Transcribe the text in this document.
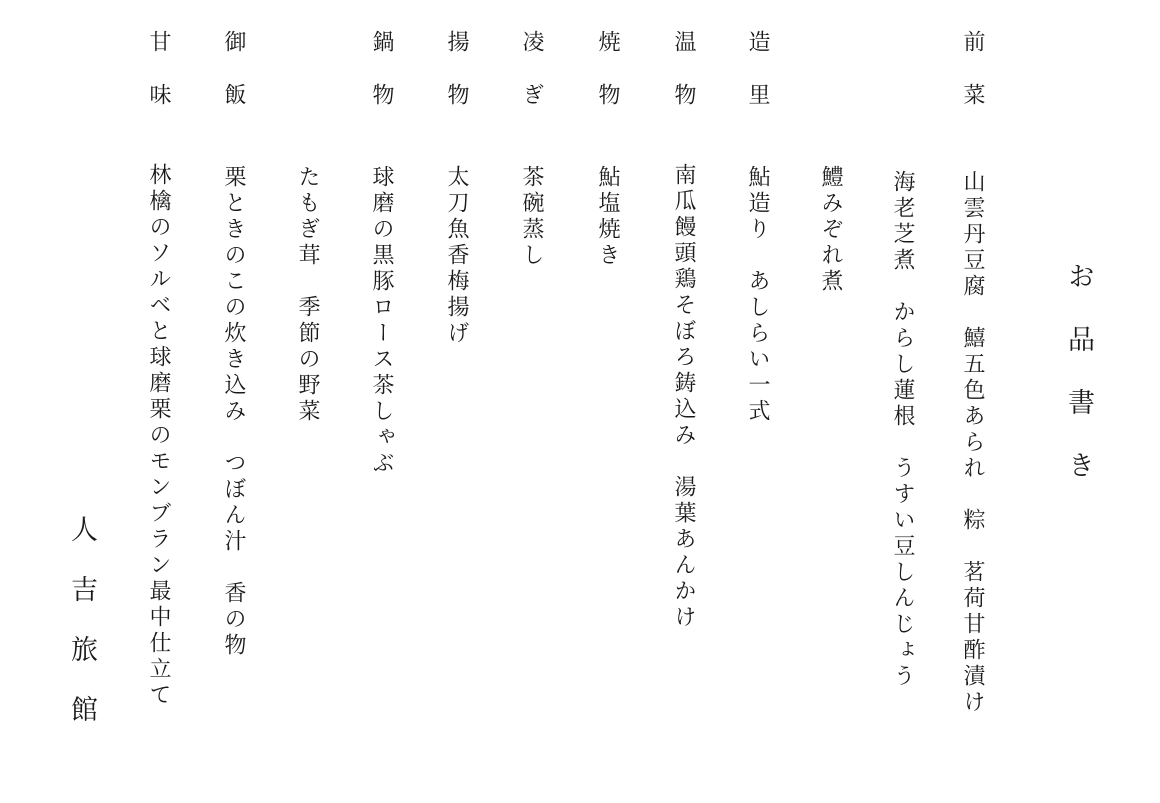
お品書き
前菜
山雲丹豆腐　鱚五色あられ　粽　茗荷甘酢漬け
海老芝煮　からし蓮根　うすい豆しんじょう
鱧みぞれ煮
造里
鮎造り　あしらい一式
温物
南瓜饅頭鶏そぼろ鋳込み　湯葉あんかけ
焼物
鮎塩焼き
凌ぎ
茶碗蒸し
揚物
太刀魚香梅揚げ
鍋物
球磨の黒豚ロース茶しゃぶ
たもぎ茸　季節の野菜
御飯
栗ときのこの炊き込み　つぼん汁　香の物
甘味
林檎のソルベと球磨栗のモンブラン最中仕立て
人吉旅館
